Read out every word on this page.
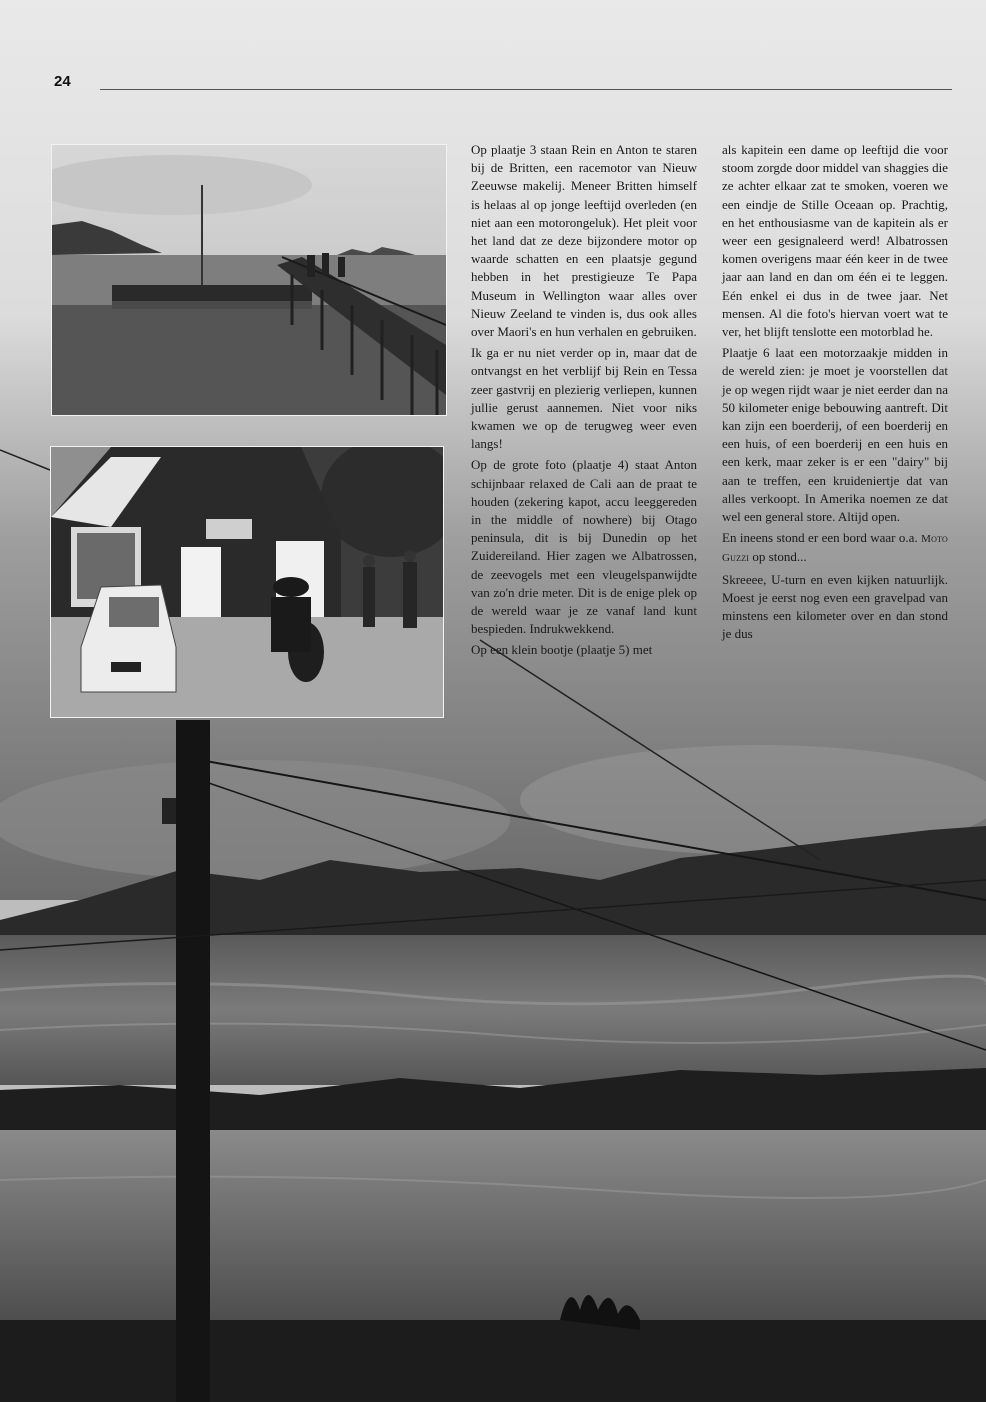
24

Op plaatje 3 staan Rein en Anton te staren bij de Britten, een racemotor van Nieuw Zeeuwse makelij. Meneer Britten himself is helaas al op jonge leeftijd overleden (en niet aan een motorongeluk). Het pleit voor het land dat ze deze bijzondere motor op waarde schatten en een plaatsje gegund hebben in het prestigieuze Te Papa Museum in Wellington waar alles over Nieuw Zeeland te vinden is, dus ook alles over Maori's en hun verhalen en gebruiken.

Ik ga er nu niet verder op in, maar dat de ontvangst en het verblijf bij Rein en Tessa zeer gastvrij en plezierig verliepen, kunnen jullie gerust aannemen. Niet voor niks kwamen we op de terugweg weer even langs!

Op de grote foto (plaatje 4) staat Anton schijnbaar relaxed de Cali aan de praat te houden (zekering kapot, accu leeggereden in the middle of nowhere) bij Otago peninsula, dit is bij Dunedin op het Zuidereiland. Hier zagen we Albatrossen, de zeevogels met een vleugelspanwijdte van zo'n drie meter. Dit is de enige plek op de wereld waar je ze vanaf land kunt bespieden. Indrukwekkend.

Op een klein bootje (plaatje 5) met

als kapitein een dame op leeftijd die voor stoom zorgde door middel van shaggies die ze achter elkaar zat te smoken, voeren we een eindje de Stille Oceaan op. Prachtig, en het enthousiasme van de kapitein als er weer een gesignaleerd werd! Albatrossen komen overigens maar één keer in de twee jaar aan land en dan om één ei te leggen. Eén enkel ei dus in de twee jaar. Net mensen. Al die foto's hiervan voert wat te ver, het blijft tenslotte een motorblad he.

Plaatje 6 laat een motorzaakje midden in de wereld zien: je moet je voorstellen dat je op wegen rijdt waar je niet eerder dan na 50 kilometer enige bebouwing aantreft. Dit kan zijn een boerderij, of een boerderij en een huis, of een boerderij en een huis en een kerk, maar zeker is er een "dairy" bij aan te treffen, een kruideniertje dat van alles verkoopt. In Amerika noemen ze dat wel een general store. Altijd open.

En ineens stond er een bord waar o.a. Moto Guzzi op stond...

Skreeee, U-turn en even kijken natuurlijk. Moest je eerst nog even een gravelpad van minstens een kilometer over en dan stond je dus
